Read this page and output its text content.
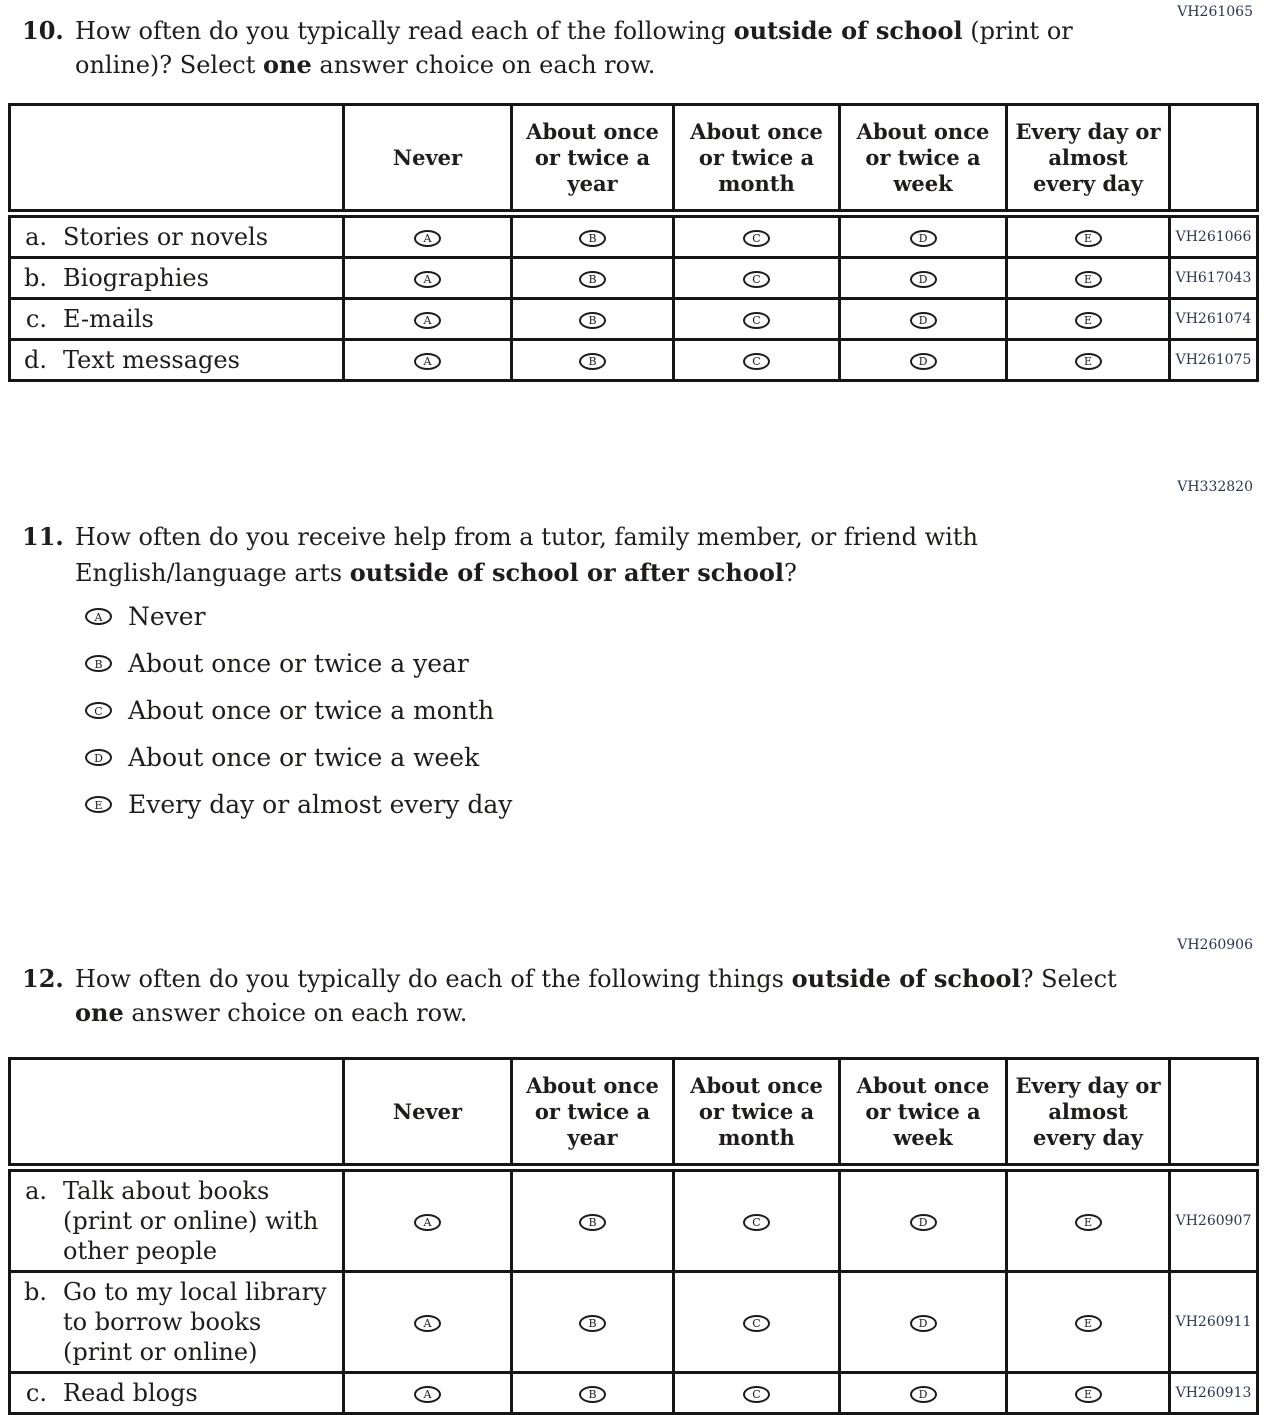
VH261065
10. How often do you typically read each of the following outside of school (print or online)? Select one answer choice on each row.
	Never	About once or twice a year	About once or twice a month	About once or twice a week	Every day or almost every day	

a. Stories or novels	A	B	C	D	E	VH261066

b. Biographies	A	B	C	D	E	VH617043

c. E-mails	A	B	C	D	E	VH261074

d. Text messages	A	B	C	D	E	VH261075
VH332820
11. How often do you receive help from a tutor, family member, or friend with English/language arts outside of school or after school?
A	Never
B	About once or twice a year
C	About once or twice a month
D	About once or twice a week
E	Every day or almost every day
VH260906
12. How often do you typically do each of the following things outside of school? Select one answer choice on each row.
	Never	About once or twice a year	About once or twice a month	About once or twice a week	Every day or almost every day	

a. Talk about books (print or online) with other people	A	B	C	D	E	VH260907

b. Go to my local library to borrow books (print or online)	A	B	C	D	E	VH260911

c. Read blogs	A	B	C	D	E	VH260913
